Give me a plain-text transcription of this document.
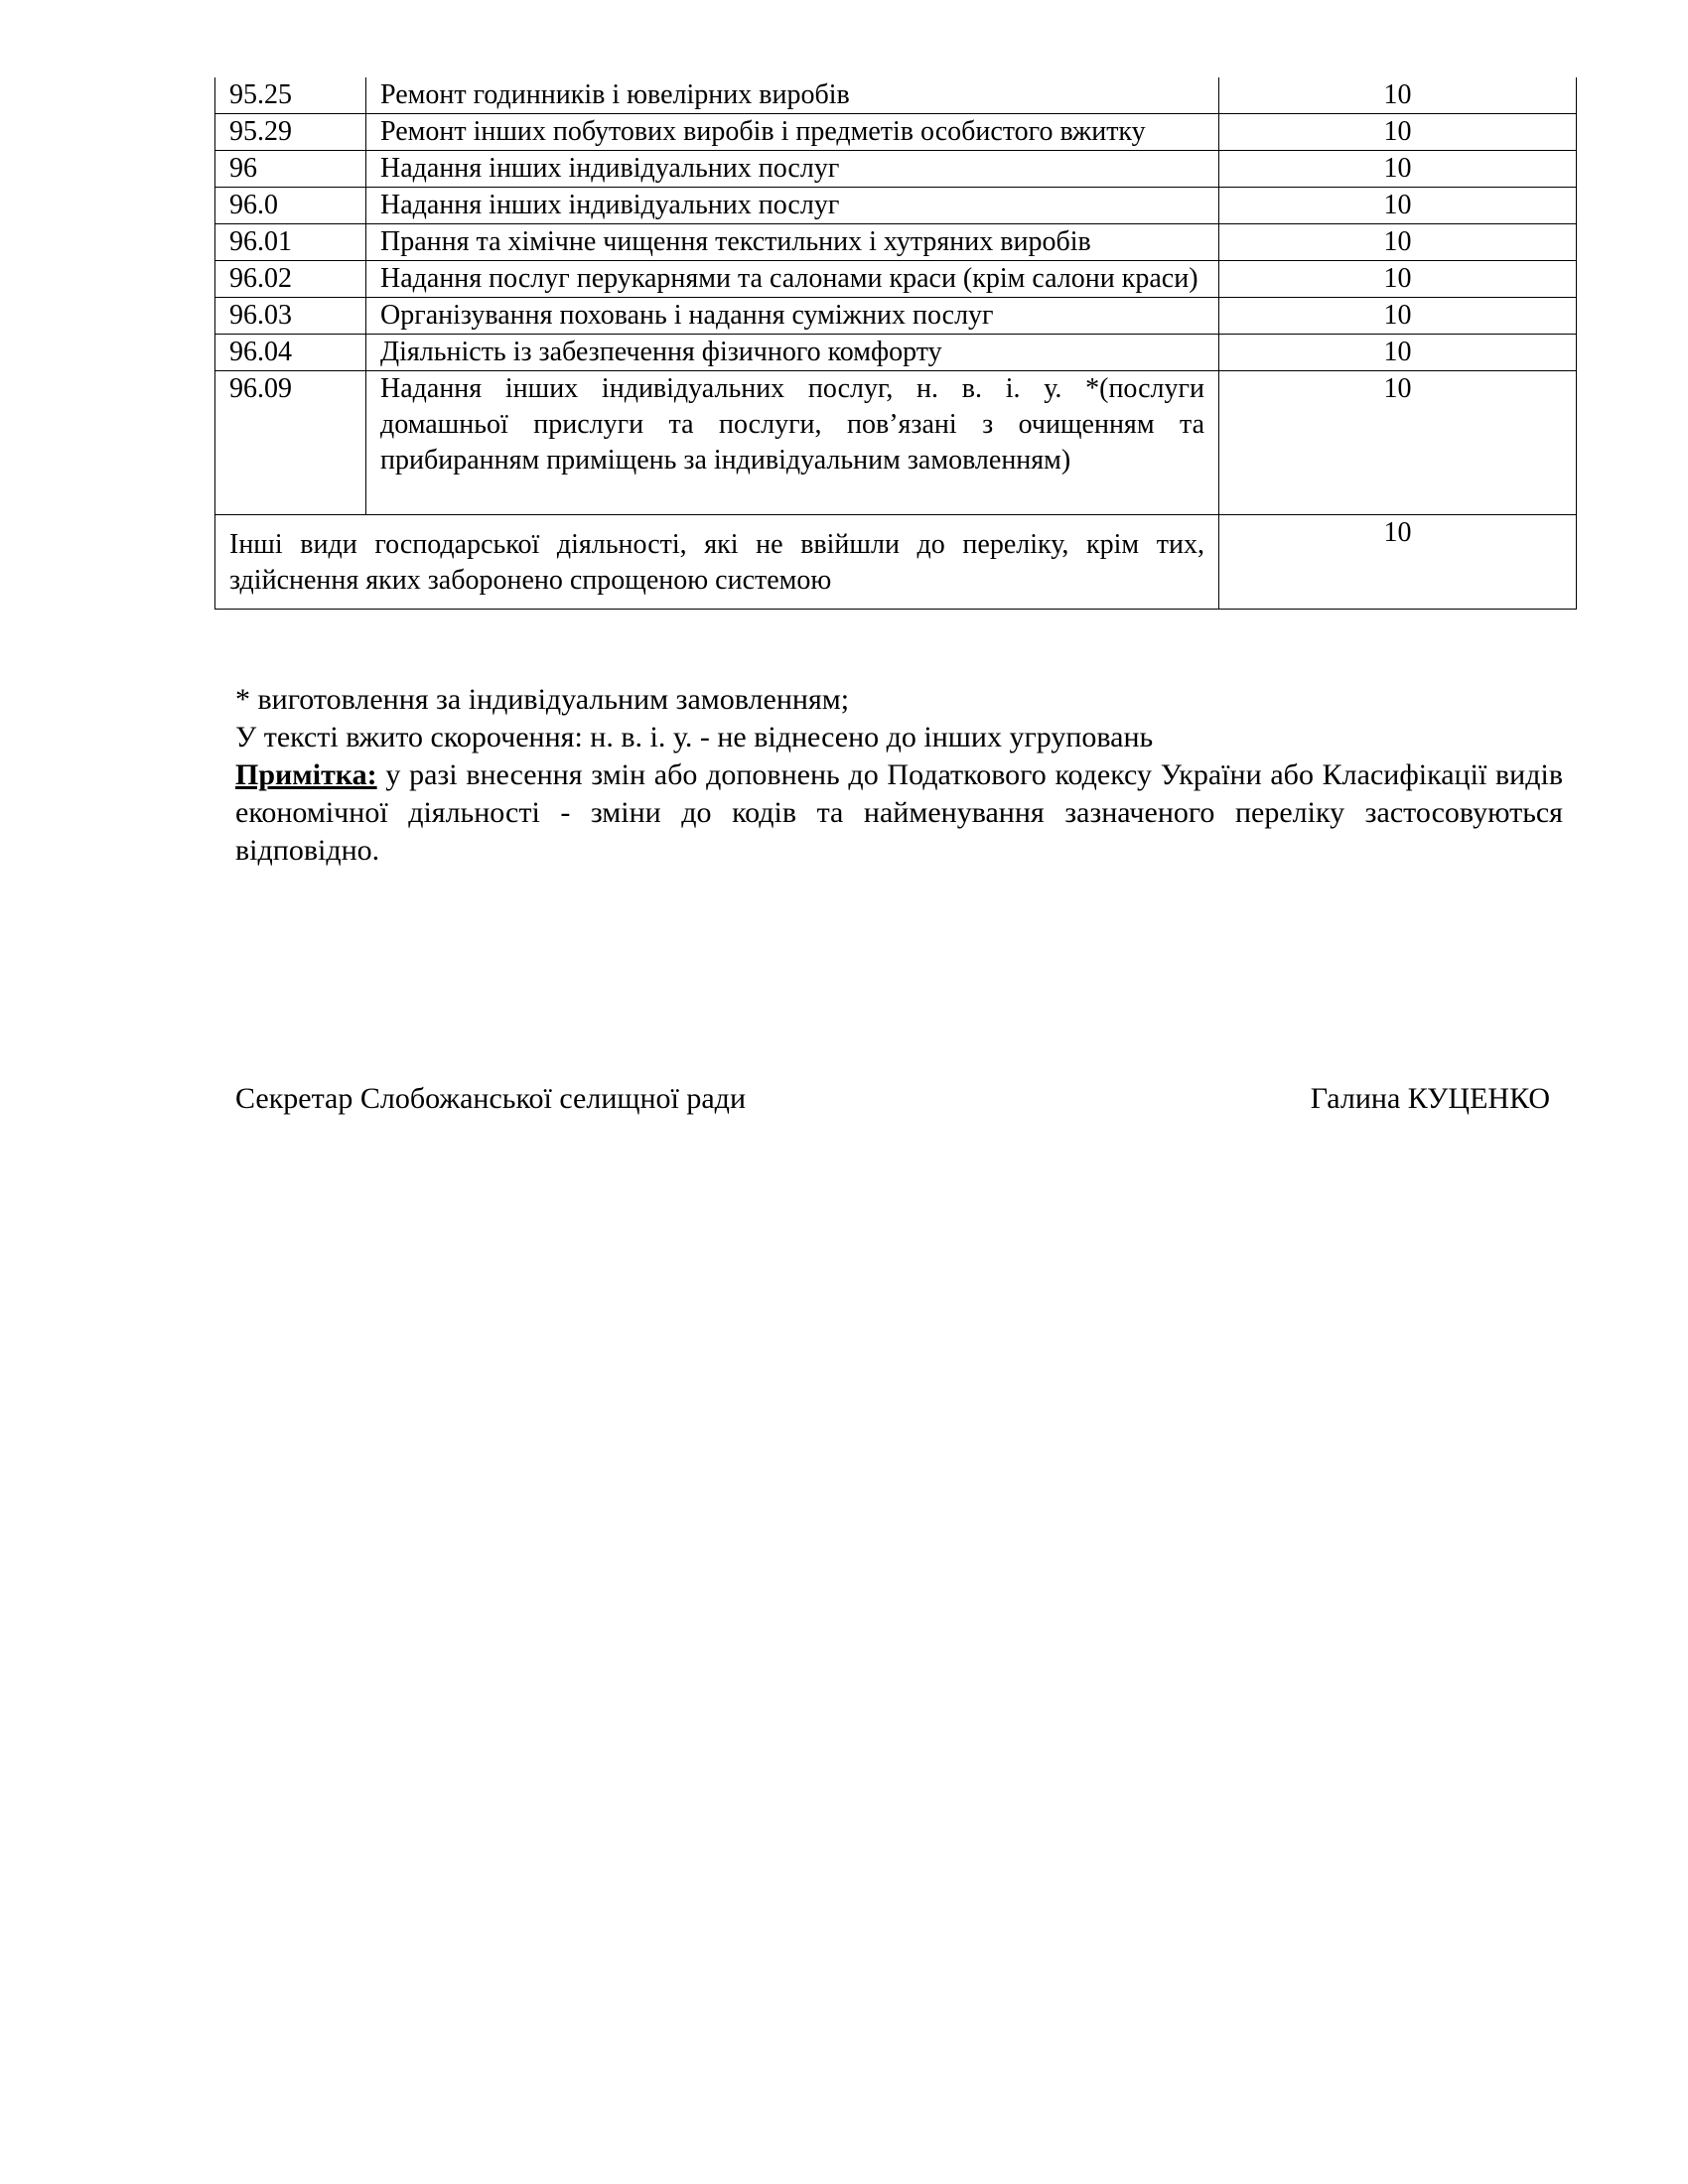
95.25	Ремонт годинників і ювелірних виробів	10
95.29	Ремонт інших побутових виробів і предметів особистого вжитку	10
96	Надання інших індивідуальних послуг	10
96.0	Надання інших індивідуальних послуг	10
96.01	Прання та хімічне чищення текстильних і хутряних виробів	10
96.02	Надання послуг перукарнями та салонами краси (крім салони краси)	10
96.03	Організування поховань і надання суміжних послуг	10
96.04	Діяльність із забезпечення фізичного комфорту	10
96.09	Надання інших індивідуальних послуг, н. в. і. у. *(послуги домашньої прислуги та послуги, пов’язані з очищенням та прибиранням приміщень за індивідуальним замовленням)	10
Інші види господарської діяльності, які не ввійшли до переліку, крім тих, здійснення яких заборонено спрощеною системою		10

* виготовлення за індивідуальним замовленням;

У тексті вжито скорочення: н. в. і. у. - не віднесено до інших угруповань

Примітка: у разі внесення змін або доповнень до Податкового кодексу України або Класифікації видів економічної діяльності - зміни до кодів та найменування зазначеного переліку застосовуються відповідно.

Секретар Слобожанської селищної ради	Галина КУЦЕНКО
